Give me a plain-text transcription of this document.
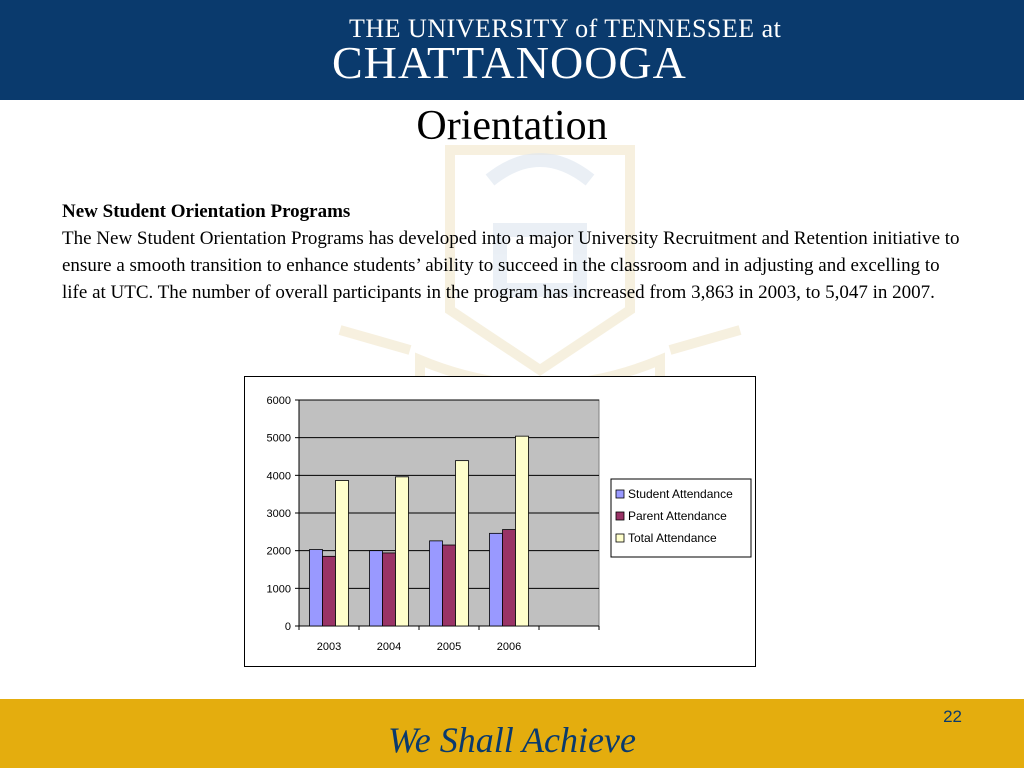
THE UNIVERSITY of TENNESSEE at
CHATTANOOGA
Orientation
New Student Orientation Programs
The New Student Orientation Programs has developed into a major University Recruitment and Retention initiative to ensure a smooth transition to enhance students’ ability to succeed in the classroom and in adjusting and excelling to life at UTC. The number of overall participants in the program has increased from 3,863 in 2003, to 5,047 in 2007.
0
1000
2000
3000
4000
5000
6000
2003	2004	2005	2006
Student Attendance
Parent Attendance
Total Attendance
We Shall Achieve
22
